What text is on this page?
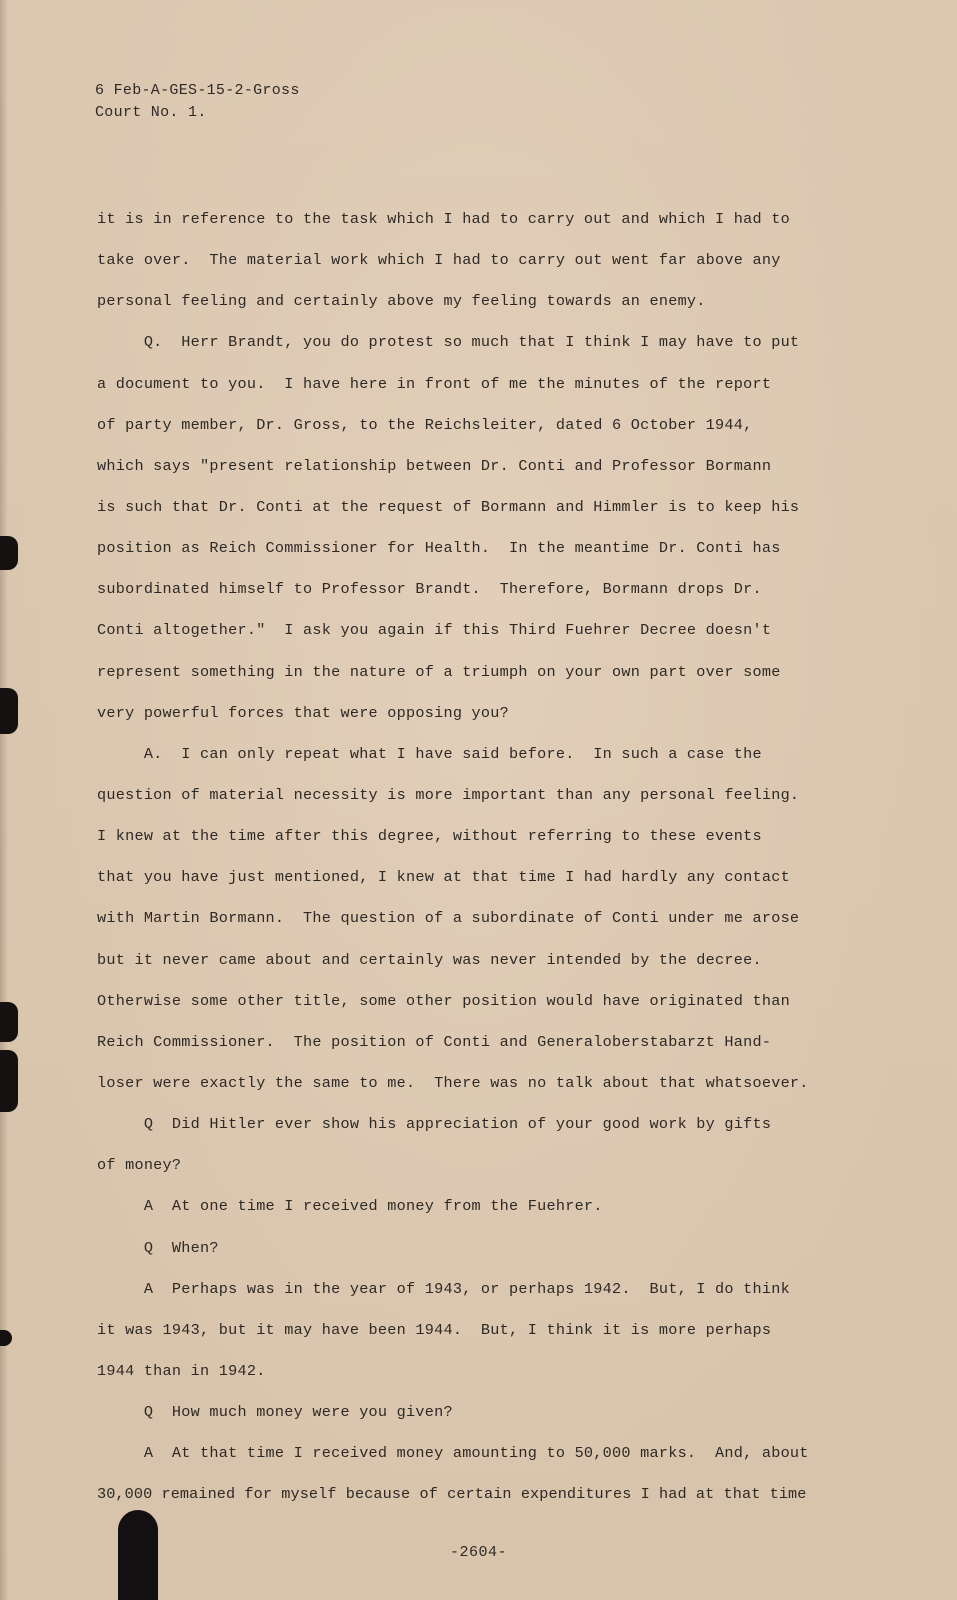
6 Feb-A-GES-15-2-Gross
Court No. 1.
it is in reference to the task which I had to carry out and which I had to
take over.  The material work which I had to carry out went far above any
personal feeling and certainly above my feeling towards an enemy.
Q.  Herr Brandt, you do protest so much that I think I may have to put
a document to you.  I have here in front of me the minutes of the report
of party member, Dr. Gross, to the Reichsleiter, dated 6 October 1944,
which says "present relationship between Dr. Conti and Professor Bormann
is such that Dr. Conti at the request of Bormann and Himmler is to keep his
position as Reich Commissioner for Health.  In the meantime Dr. Conti has
subordinated himself to Professor Brandt.  Therefore, Bormann drops Dr.
Conti altogether."  I ask you again if this Third Fuehrer Decree doesn't
represent something in the nature of a triumph on your own part over some
very powerful forces that were opposing you?
A.  I can only repeat what I have said before.  In such a case the
question of material necessity is more important than any personal feeling.
I knew at the time after this degree, without referring to these events
that you have just mentioned, I knew at that time I had hardly any contact
with Martin Bormann.  The question of a subordinate of Conti under me arose
but it never came about and certainly was never intended by the decree.
Otherwise some other title, some other position would have originated than
Reich Commissioner.  The position of Conti and Generaloberstabarzt Hand-
loser were exactly the same to me.  There was no talk about that whatsoever.
Q  Did Hitler ever show his appreciation of your good work by gifts
of money?
A  At one time I received money from the Fuehrer.
Q  When?
A  Perhaps was in the year of 1943, or perhaps 1942.  But, I do think
it was 1943, but it may have been 1944.  But, I think it is more perhaps
1944 than in 1942.
Q  How much money were you given?
A  At that time I received money amounting to 50,000 marks.  And, about
30,000 remained for myself because of certain expenditures I had at that time
-2604-
